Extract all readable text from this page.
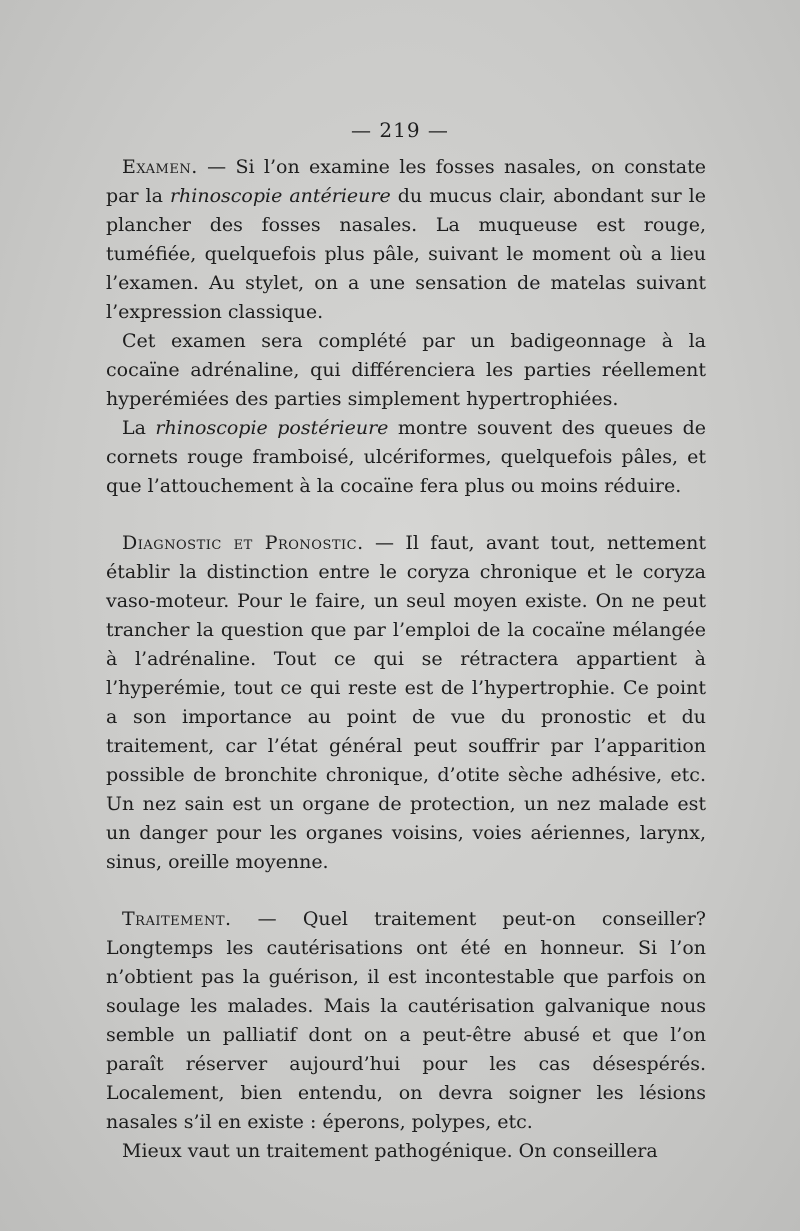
— 219 —

Examen. — Si l’on examine les fosses nasales, on constate par la rhinoscopie antérieure du mucus clair, abondant sur le plancher des fosses nasales. La muqueuse est rouge, tuméfiée, quelquefois plus pâle, suivant le moment où a lieu l’examen. Au stylet, on a une sensation de matelas suivant l’expression classique.

Cet examen sera complété par un badigeonnage à la cocaïne adrénaline, qui différenciera les parties réellement hyperémiées des parties simplement hypertrophiées.

La rhinoscopie postérieure montre souvent des queues de cornets rouge framboisé, ulcériformes, quelquefois pâles, et que l’attouchement à la cocaïne fera plus ou moins réduire.

Diagnostic et Pronostic. — Il faut, avant tout, nettement établir la distinction entre le coryza chronique et le coryza vaso-moteur. Pour le faire, un seul moyen existe. On ne peut trancher la question que par l’emploi de la cocaïne mélangée à l’adrénaline. Tout ce qui se rétractera appartient à l’hyperémie, tout ce qui reste est de l’hypertrophie. Ce point a son importance au point de vue du pronostic et du traitement, car l’état général peut souffrir par l’apparition possible de bronchite chronique, d’otite sèche adhésive, etc. Un nez sain est un organe de protection, un nez malade est un danger pour les organes voisins, voies aériennes, larynx, sinus, oreille moyenne.

Traitement. — Quel traitement peut-on conseiller? Longtemps les cautérisations ont été en honneur. Si l’on n’obtient pas la guérison, il est incontestable que parfois on soulage les malades. Mais la cautérisation galvanique nous semble un palliatif dont on a peut-être abusé et que l’on paraît réserver aujourd’hui pour les cas désespérés. Localement, bien entendu, on devra soigner les lésions nasales s’il en existe : éperons, polypes, etc.

Mieux vaut un traitement pathogénique. On conseillera
